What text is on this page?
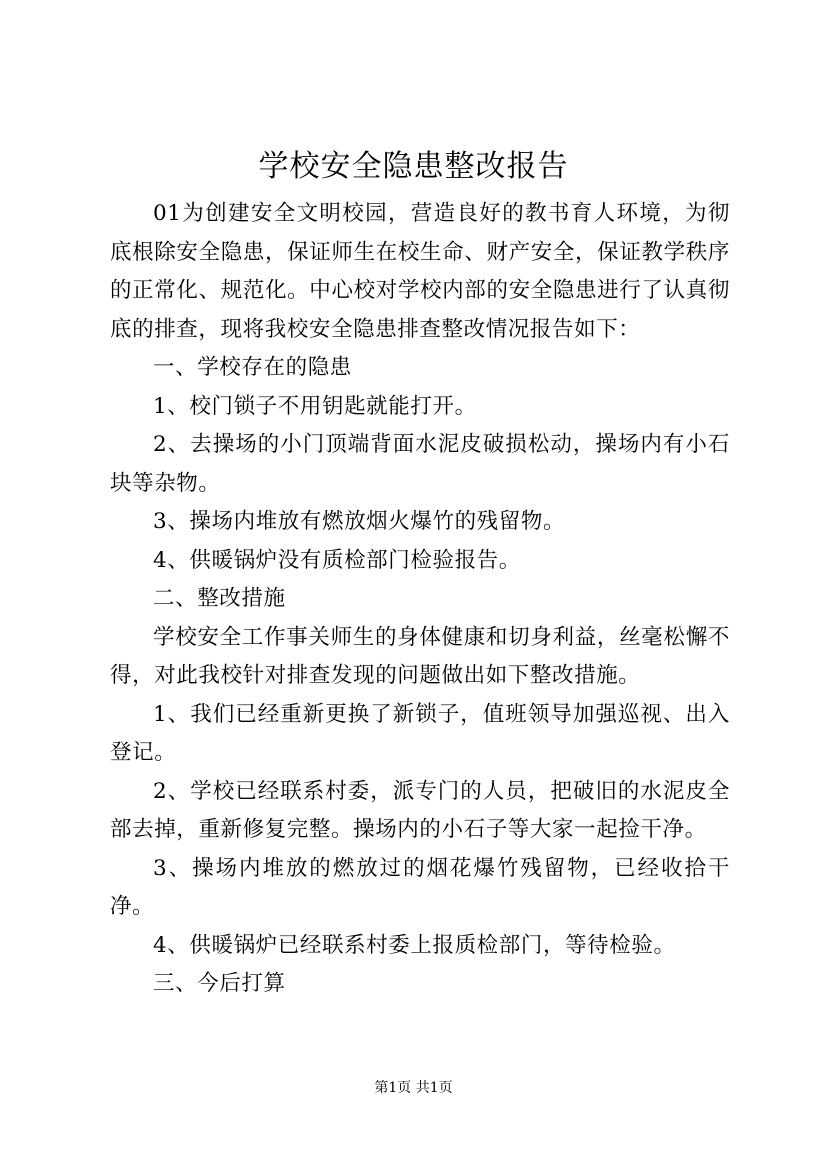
学校安全隐患整改报告

01为创建安全文明校园，营造良好的教书育人环境，为彻底根除安全隐患，保证师生在校生命、财产安全，保证教学秩序的正常化、规范化。中心校对学校内部的安全隐患进行了认真彻底的排查，现将我校安全隐患排查整改情况报告如下：

一、学校存在的隐患

1、校门锁子不用钥匙就能打开。

2、去操场的小门顶端背面水泥皮破损松动，操场内有小石块等杂物。

3、操场内堆放有燃放烟火爆竹的残留物。

4、供暖锅炉没有质检部门检验报告。

二、整改措施

学校安全工作事关师生的身体健康和切身利益，丝毫松懈不得，对此我校针对排查发现的问题做出如下整改措施。

1、我们已经重新更换了新锁子，值班领导加强巡视、出入登记。

2、学校已经联系村委，派专门的人员，把破旧的水泥皮全部去掉，重新修复完整。操场内的小石子等大家一起捡干净。

3、操场内堆放的燃放过的烟花爆竹残留物，已经收拾干净。

4、供暖锅炉已经联系村委上报质检部门，等待检验。

三、今后打算

第1页 共1页
